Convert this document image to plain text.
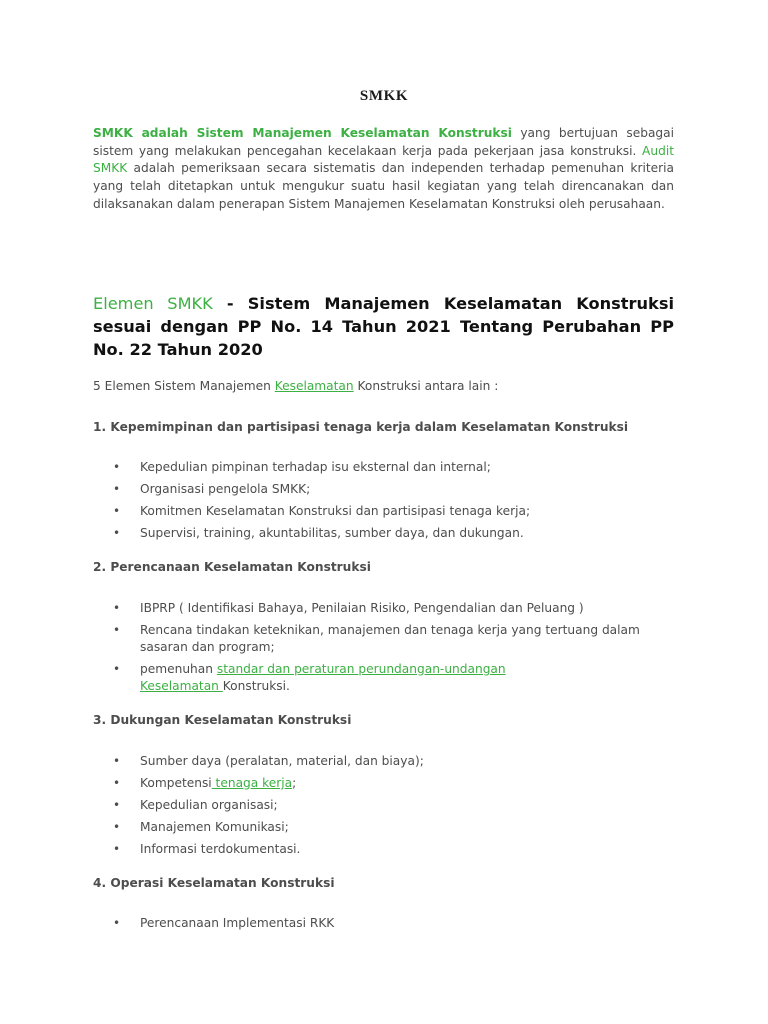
SMKK

SMKK adalah Sistem Manajemen Keselamatan Konstruksi yang bertujuan sebagai sistem yang melakukan pencegahan kecelakaan kerja pada pekerjaan jasa konstruksi. Audit SMKK adalah pemeriksaan secara sistematis dan independen terhadap pemenuhan kriteria yang telah ditetapkan untuk mengukur suatu hasil kegiatan yang telah direncanakan dan dilaksanakan dalam penerapan Sistem Manajemen Keselamatan Konstruksi oleh perusahaan.

Elemen SMKK - Sistem Manajemen Keselamatan Konstruksi sesuai dengan PP No. 14 Tahun 2021 Tentang Perubahan PP No. 22 Tahun 2020

5 Elemen Sistem Manajemen Keselamatan Konstruksi antara lain :

1. Kepemimpinan dan partisipasi tenaga kerja dalam Keselamatan Konstruksi
• Kepedulian pimpinan terhadap isu eksternal dan internal;
• Organisasi pengelola SMKK;
• Komitmen Keselamatan Konstruksi dan partisipasi tenaga kerja;
• Supervisi, training, akuntabilitas, sumber daya, dan dukungan.
2. Perencanaan Keselamatan Konstruksi
• IBPRP ( Identifikasi Bahaya, Penilaian Risiko, Pengendalian dan Peluang )
• Rencana tindakan keteknikan, manajemen dan tenaga kerja yang tertuang dalam sasaran dan program;
• pemenuhan standar dan peraturan perundangan-undangan Keselamatan Konstruksi.
3. Dukungan Keselamatan Konstruksi
• Sumber daya (peralatan, material, dan biaya);
• Kompetensi tenaga kerja;
• Kepedulian organisasi;
• Manajemen Komunikasi;
• Informasi terdokumentasi.
4. Operasi Keselamatan Konstruksi
• Perencanaan Implementasi RKK
